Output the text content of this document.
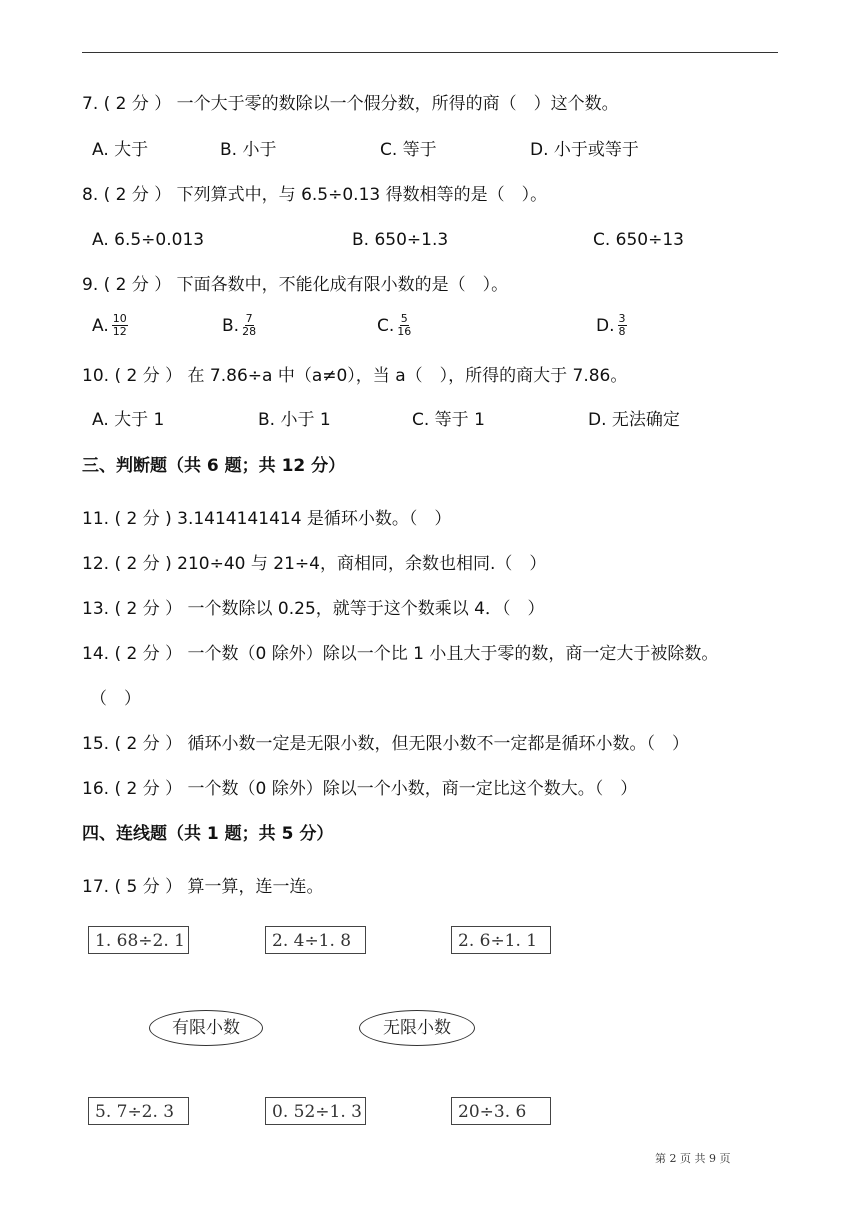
7. ( 2 分 ） 一个大于零的数除以一个假分数，所得的商（　）这个数。
A. 大于	B. 小于	C. 等于	D. 小于或等于
8. ( 2 分 ） 下列算式中，与 6.5÷0.13 得数相等的是（　）。
A. 6.5÷0.013	B. 650÷1.3	C. 650÷13
9. ( 2 分 ） 下面各数中，不能化成有限小数的是（　）。
A. 10
12	B. 7
28	C. 5
16	D. 3
8
10. ( 2 分 ） 在 7.86÷a 中（a≠0），当 a（　），所得的商大于 7.86。
A. 大于 1	B. 小于 1	C. 等于 1	D. 无法确定
三、判断题（共 6 题；共 12 分）
11. ( 2 分 ) 3.1414141414 是循环小数。（　）
12. ( 2 分 ) 210÷40 与 21÷4，商相同，余数也相同.（　）
13. ( 2 分 ） 一个数除以 0.25，就等于这个数乘以 4．（　）
14. ( 2 分 ） 一个数（0 除外）除以一个比 1 小且大于零的数，商一定大于被除数。
（　）
15. ( 2 分 ） 循环小数一定是无限小数，但无限小数不一定都是循环小数。（　）
16. ( 2 分 ） 一个数（0 除外）除以一个小数，商一定比这个数大。（　）
四、连线题（共 1 题；共 5 分）
17. ( 5 分 ） 算一算，连一连。
1. 68÷2. 1	2. 4÷1. 8	2. 6÷1. 1
有限小数	无限小数
5. 7÷2. 3	0. 52÷1. 3	20÷3. 6
第 2 页 共 9 页
